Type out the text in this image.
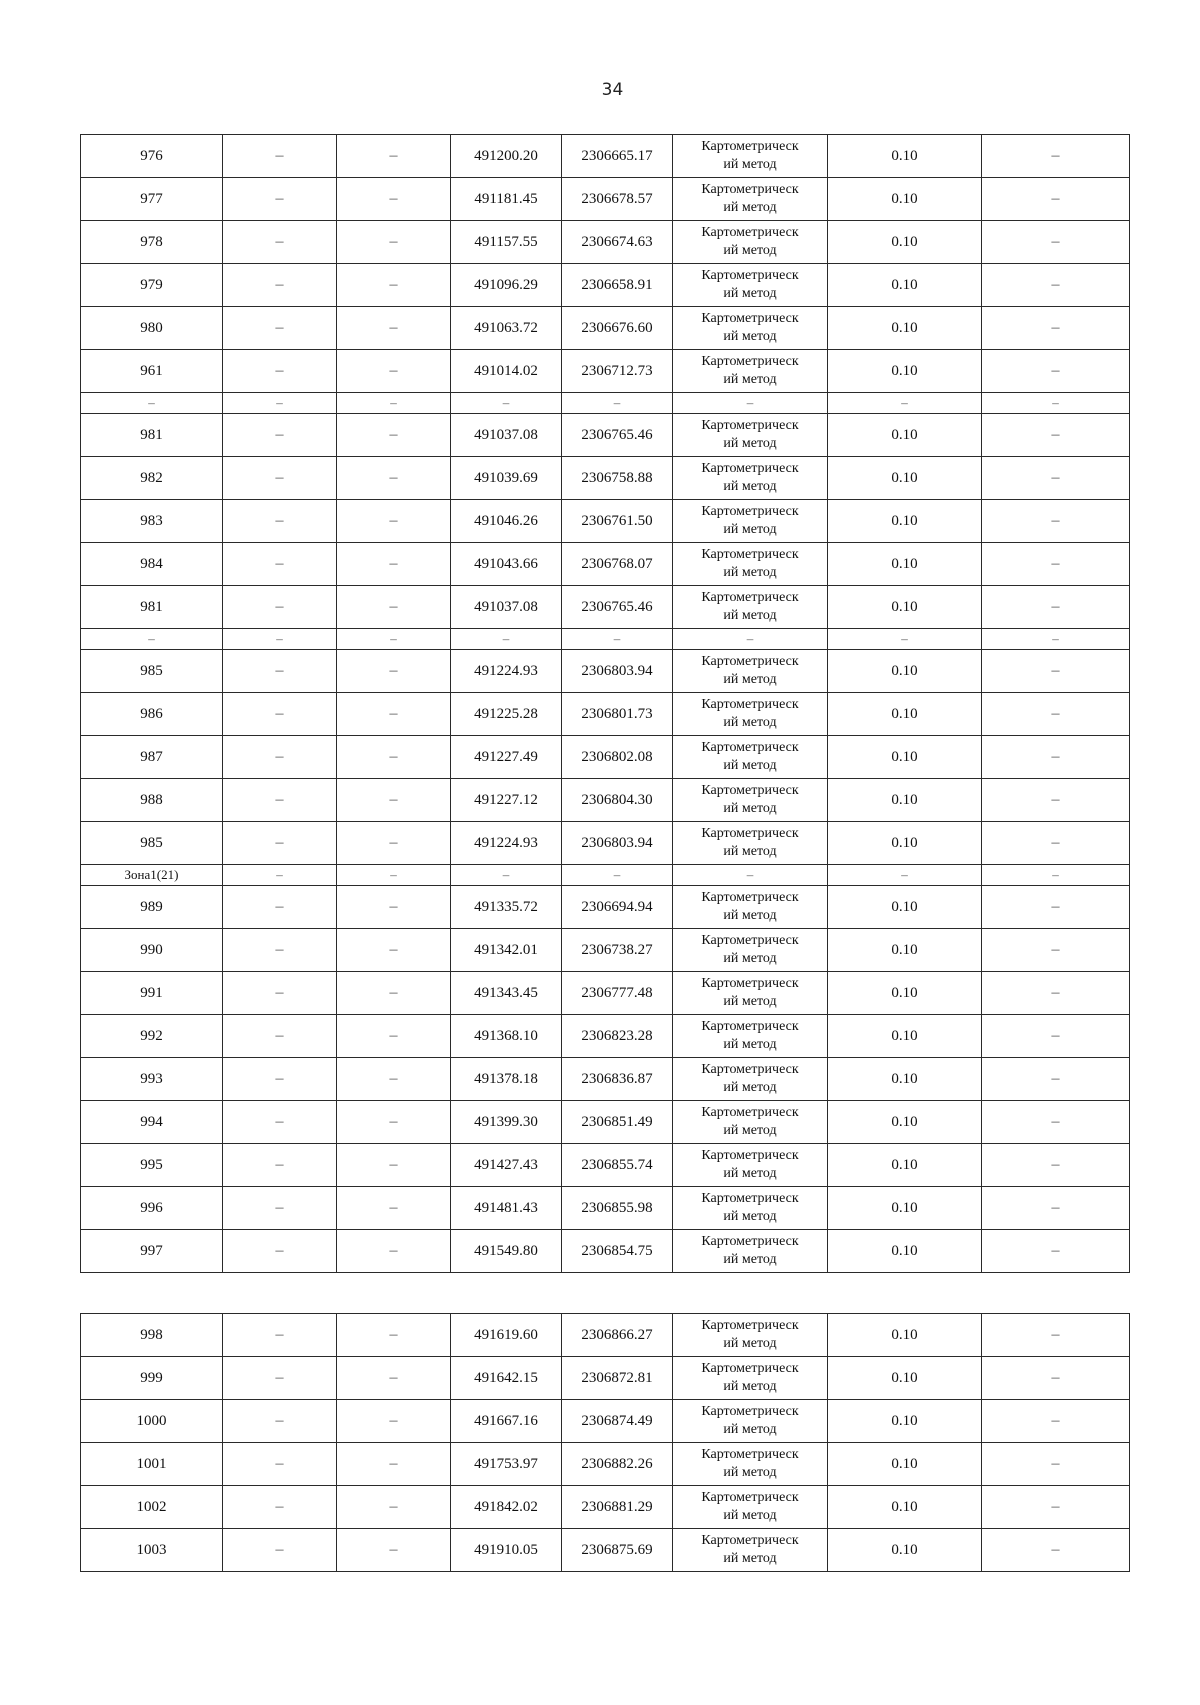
34
976	–	–	491200.20	2306665.17	Картометрическ
ий метод	0.10	–
977	–	–	491181.45	2306678.57	Картометрическ
ий метод	0.10	–
978	–	–	491157.55	2306674.63	Картометрическ
ий метод	0.10	–
979	–	–	491096.29	2306658.91	Картометрическ
ий метод	0.10	–
980	–	–	491063.72	2306676.60	Картометрическ
ий метод	0.10	–
961	–	–	491014.02	2306712.73	Картометрическ
ий метод	0.10	–
–	–	–	–	–	–	–	–
981	–	–	491037.08	2306765.46	Картометрическ
ий метод	0.10	–
982	–	–	491039.69	2306758.88	Картометрическ
ий метод	0.10	–
983	–	–	491046.26	2306761.50	Картометрическ
ий метод	0.10	–
984	–	–	491043.66	2306768.07	Картометрическ
ий метод	0.10	–
981	–	–	491037.08	2306765.46	Картометрическ
ий метод	0.10	–
–	–	–	–	–	–	–	–
985	–	–	491224.93	2306803.94	Картометрическ
ий метод	0.10	–
986	–	–	491225.28	2306801.73	Картометрическ
ий метод	0.10	–
987	–	–	491227.49	2306802.08	Картометрическ
ий метод	0.10	–
988	–	–	491227.12	2306804.30	Картометрическ
ий метод	0.10	–
985	–	–	491224.93	2306803.94	Картометрическ
ий метод	0.10	–
Зона1(21)	–	–	–	–	–	–	–
989	–	–	491335.72	2306694.94	Картометрическ
ий метод	0.10	–
990	–	–	491342.01	2306738.27	Картометрическ
ий метод	0.10	–
991	–	–	491343.45	2306777.48	Картометрическ
ий метод	0.10	–
992	–	–	491368.10	2306823.28	Картометрическ
ий метод	0.10	–
993	–	–	491378.18	2306836.87	Картометрическ
ий метод	0.10	–
994	–	–	491399.30	2306851.49	Картометрическ
ий метод	0.10	–
995	–	–	491427.43	2306855.74	Картометрическ
ий метод	0.10	–
996	–	–	491481.43	2306855.98	Картометрическ
ий метод	0.10	–
997	–	–	491549.80	2306854.75	Картометрическ
ий метод	0.10	–
998	–	–	491619.60	2306866.27	Картометрическ
ий метод	0.10	–
999	–	–	491642.15	2306872.81	Картометрическ
ий метод	0.10	–
1000	–	–	491667.16	2306874.49	Картометрическ
ий метод	0.10	–
1001	–	–	491753.97	2306882.26	Картометрическ
ий метод	0.10	–
1002	–	–	491842.02	2306881.29	Картометрическ
ий метод	0.10	–
1003	–	–	491910.05	2306875.69	Картометрическ
ий метод	0.10	–
